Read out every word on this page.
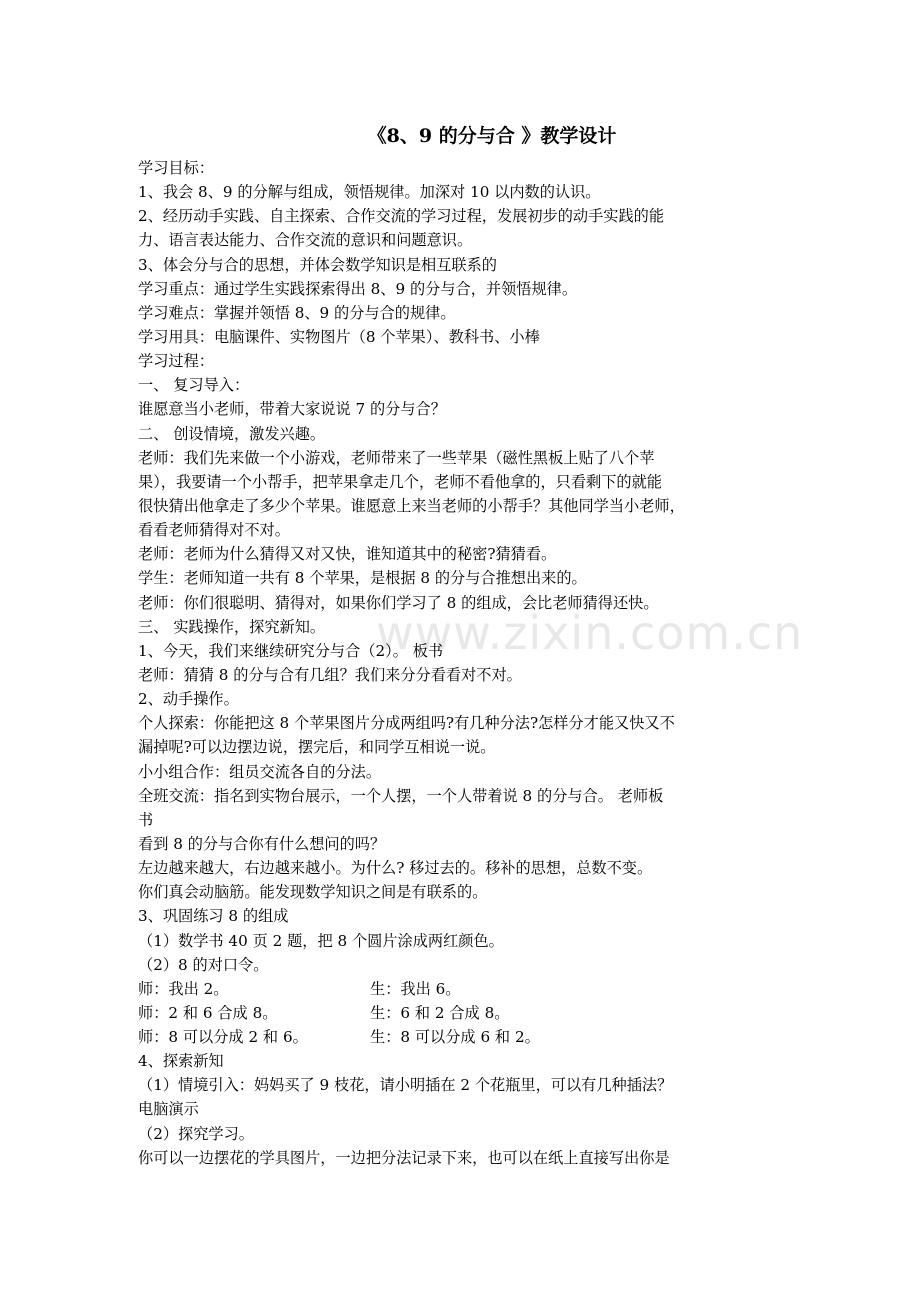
www.zixin.com.cn
《8、9 的分与合 》教学设计
学习目标：
1、我会 8、9 的分解与组成，领悟规律。加深对 10 以内数的认识。
2、经历动手实践、自主探索、合作交流的学习过程，发展初步的动手实践的能
力、语言表达能力、合作交流的意识和问题意识。
3、体会分与合的思想，并体会数学知识是相互联系的
学习重点：通过学生实践探索得出 8、9 的分与合，并领悟规律。
学习难点：掌握并领悟 8、9 的分与合的规律。
学习用具：电脑课件、实物图片（8 个苹果）、教科书、小棒
学习过程：
一、 复习导入：
谁愿意当小老师，带着大家说说 7 的分与合？
二、 创设情境，激发兴趣。
老师：我们先来做一个小游戏，老师带来了一些苹果（磁性黑板上贴了八个苹
果），我要请一个小帮手，把苹果拿走几个，老师不看他拿的，只看剩下的就能
很快猜出他拿走了多少个苹果。谁愿意上来当老师的小帮手？其他同学当小老师，
看看老师猜得对不对。
老师：老师为什么猜得又对又快，谁知道其中的秘密?猜猜看。
学生：老师知道一共有 8 个苹果，是根据 8 的分与合推想出来的。
老师：你们很聪明、猜得对，如果你们学习了 8 的组成，会比老师猜得还快。
三、 实践操作，探究新知。
1、今天，我们来继续研究分与合（2）。 板书
老师：猜猜 8 的分与合有几组？我们来分分看看对不对。
2、动手操作。
个人探索：你能把这 8 个苹果图片分成两组吗?有几种分法?怎样分才能又快又不
漏掉呢?可以边摆边说，摆完后，和同学互相说一说。
小小组合作：组员交流各自的分法。
全班交流：指名到实物台展示，一个人摆，一个人带着说 8 的分与合。 老师板
书
看到 8 的分与合你有什么想问的吗？
左边越来越大，右边越来越小。为什么? 移过去的。移补的思想，总数不变。
你们真会动脑筋。能发现数学知识之间是有联系的。
3、巩固练习 8 的组成
（1）数学书 40 页 2 题，把 8 个圆片涂成两红颜色。
（2）8 的对口令。
师：我出 2。	生：我出 6。
师：2 和 6 合成 8。	生：6 和 2 合成 8。
师：8 可以分成 2 和 6。	生：8 可以分成 6 和 2。
4、探索新知
（1）情境引入：妈妈买了 9 枝花，请小明插在 2 个花瓶里，可以有几种插法？
电脑演示
（2）探究学习。
你可以一边摆花的学具图片，一边把分法记录下来，也可以在纸上直接写出你是
